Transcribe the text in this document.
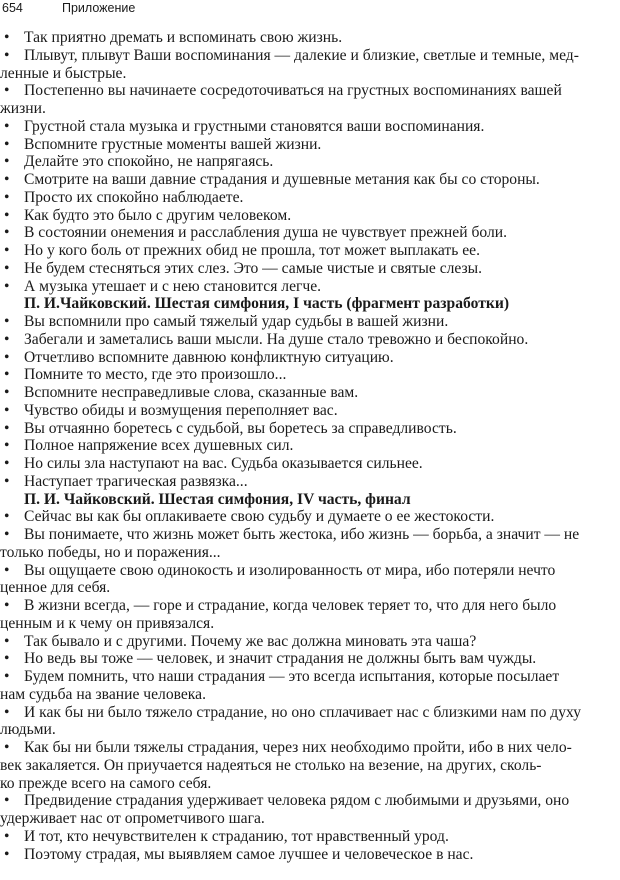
654	Приложение
• Так приятно дремать и вспоминать свою жизнь.
• Плывут, плывут Ваши воспоминания — далекие и близкие, светлые и темные, мед-
ленные и быстрые.
• Постепенно вы начинаете сосредоточиваться на грустных воспоминаниях вашей
жизни.
• Грустной стала музыка и грустными становятся ваши воспоминания.
• Вспомните грустные моменты вашей жизни.
• Делайте это спокойно, не напрягаясь.
• Смотрите на ваши давние страдания и душевные метания как бы со стороны.
• Просто их спокойно наблюдаете.
• Как будто это было с другим человеком.
• В состоянии онемения и расслабления душа не чувствует прежней боли.
• Но у кого боль от прежних обид не прошла, тот может выплакать ее.
• Не будем стесняться этих слез. Это — самые чистые и святые слезы.
• А музыка утешает и с нею становится легче.
П. И.Чайковский. Шестая симфония, I часть (фрагмент разработки)
• Вы вспомнили про самый тяжелый удар судьбы в вашей жизни.
• Забегали и заметались ваши мысли. На душе стало тревожно и беспокойно.
• Отчетливо вспомните давнюю конфликтную ситуацию.
• Помните то место, где это произошло...
• Вспомните несправедливые слова, сказанные вам.
• Чувство обиды и возмущения переполняет вас.
• Вы отчаянно боретесь с судьбой, вы боретесь за справедливость.
• Полное напряжение всех душевных сил.
• Но силы зла наступают на вас. Судьба оказывается сильнее.
• Наступает трагическая развязка...
П. И. Чайковский. Шестая симфония, IV часть, финал
• Сейчас вы как бы оплакиваете свою судьбу и думаете о ее жестокости.
• Вы понимаете, что жизнь может быть жестока, ибо жизнь — борьба, а значит — не
только победы, но и поражения...
• Вы ощущаете свою одинокость и изолированность от мира, ибо потеряли нечто
ценное для себя.
• В жизни всегда, — горе и страдание, когда человек теряет то, что для него было
ценным и к чему он привязался.
• Так бывало и с другими. Почему же вас должна миновать эта чаша?
• Но ведь вы тоже — человек, и значит страдания не должны быть вам чужды.
• Будем помнить, что наши страдания — это всегда испытания, которые посылает
нам судьба на звание человека.
• И как бы ни было тяжело страдание, но оно сплачивает нас с близкими нам по духу
людьми.
• Как бы ни были тяжелы страдания, через них необходимо пройти, ибо в них чело-
век закаляется. Он приучается надеяться не столько на везение, на других, сколь-
ко прежде всего на самого себя.
• Предвидение страдания удерживает человека рядом с любимыми и друзьями, оно
удерживает нас от опрометчивого шага.
• И тот, кто нечувствителен к страданию, тот нравственный урод.
• Поэтому страдая, мы выявляем самое лучшее и человеческое в нас.
